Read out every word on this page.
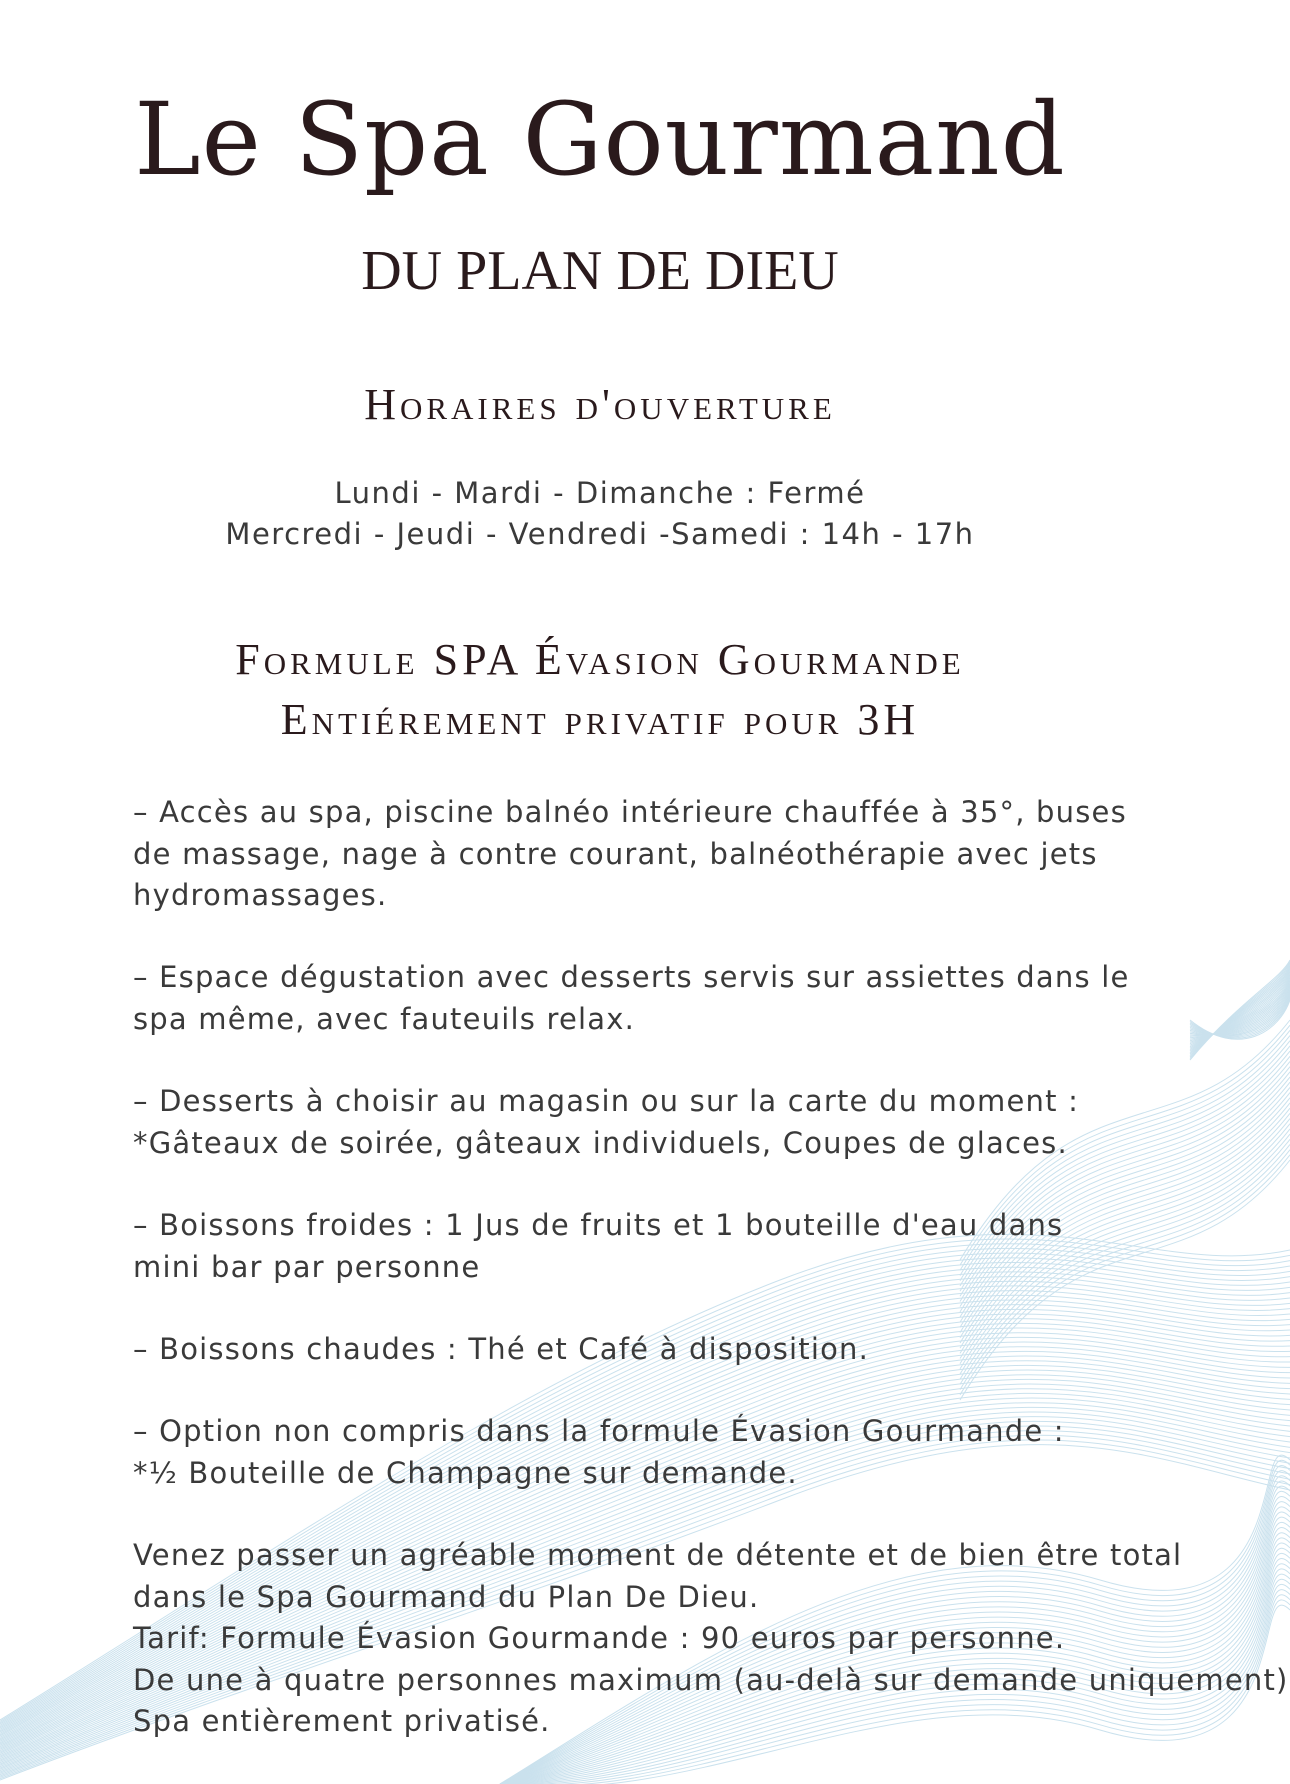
Le Spa Gourmand
DU PLAN DE DIEU
Horaires d'ouverture
Lundi - Mardi - Dimanche : Fermé
Mercredi - Jeudi - Vendredi -Samedi : 14h - 17h
Formule SPA Évasion Gourmande
Entiérement privatif pour 3H
– Accès au spa, piscine balnéo intérieure chauffée à 35°, buses
de massage, nage à contre courant, balnéothérapie avec jets
hydromassages.
– Espace dégustation avec desserts servis sur assiettes dans le
spa même, avec fauteuils relax.
– Desserts à choisir au magasin ou sur la carte du moment :
*Gâteaux de soirée, gâteaux individuels, Coupes de glaces.
– Boissons froides : 1 Jus de fruits et 1 bouteille d'eau dans
mini bar par personne
– Boissons chaudes : Thé et Café à disposition.
– Option non compris dans la formule Évasion Gourmande :
*½ Bouteille de Champagne sur demande.
Venez passer un agréable moment de détente et de bien être total
dans le Spa Gourmand du Plan De Dieu.
Tarif: Formule Évasion Gourmande : 90 euros par personne.
De une à quatre personnes maximum (au-delà sur demande uniquement)
Spa entièrement privatisé.
